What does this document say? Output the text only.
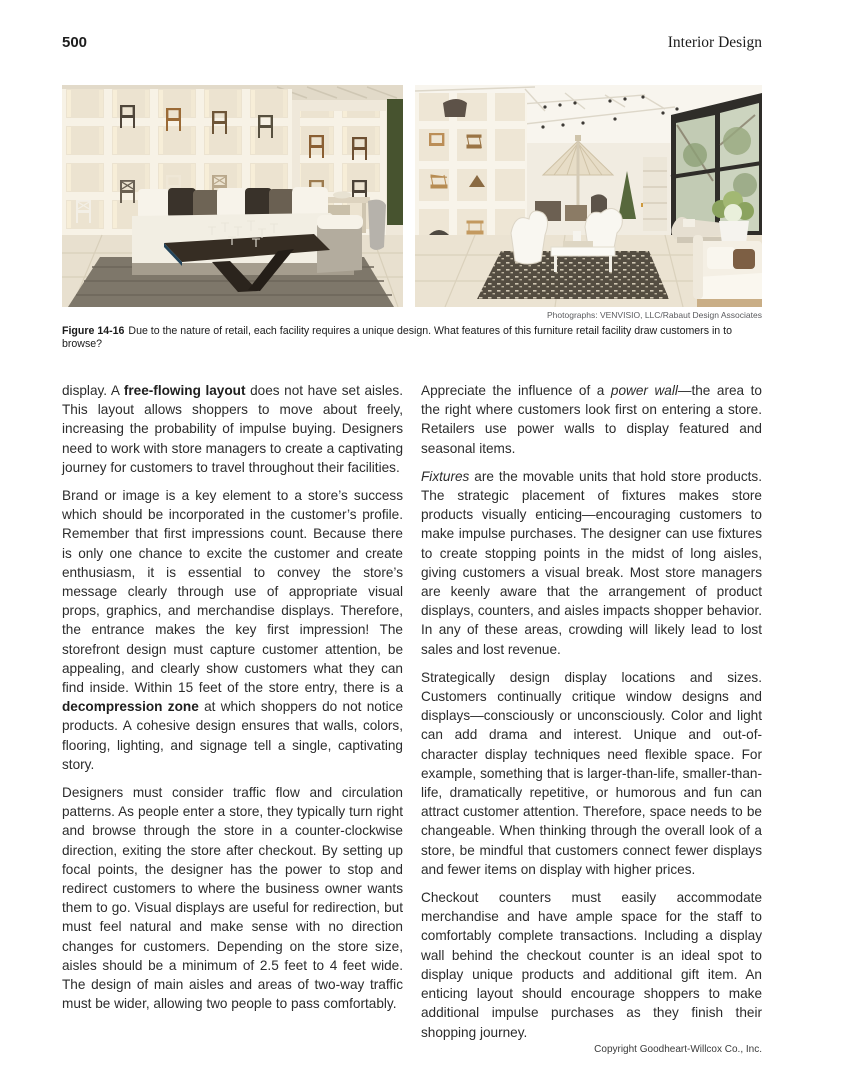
500	Interior Design
Photographs: VENVISIO, LLC/Rabaut Design Associates
Figure 14-16 Due to the nature of retail, each facility requires a unique design. What features of this furniture retail facility draw customers in to browse?

display. A free-flowing layout does not have set aisles. This layout allows shoppers to move about freely, increasing the probability of impulse buying. Designers need to work with store managers to create a captivating journey for customers to travel throughout their facilities.

Brand or image is a key element to a store’s success which should be incorporated in the customer’s profile. Remember that first impressions count. Because there is only one chance to excite the customer and create enthusiasm, it is essential to convey the store’s message clearly through use of appropriate visual props, graphics, and merchandise displays. Therefore, the entrance makes the key first impression! The storefront design must capture customer attention, be appealing, and clearly show customers what they can find inside. Within 15 feet of the store entry, there is a decompression zone at which shoppers do not notice products. A cohesive design ensures that walls, colors, flooring, lighting, and signage tell a single, captivating story.

Designers must consider traffic flow and circulation patterns. As people enter a store, they typically turn right and browse through the store in a counter-clockwise direction, exiting the store after checkout. By setting up focal points, the designer has the power to stop and redirect customers to where the business owner wants them to go. Visual displays are useful for redirection, but must feel natural and make sense with no direction changes for customers. Depending on the store size, aisles should be a minimum of 2.5 feet to 4 feet wide. The design of main aisles and areas of two-way traffic must be wider, allowing two people to pass comfortably.

Appreciate the influence of a power wall—the area to the right where customers look first on entering a store. Retailers use power walls to display featured and seasonal items.

Fixtures are the movable units that hold store products. The strategic placement of fixtures makes store products visually enticing—encouraging customers to make impulse purchases. The designer can use fixtures to create stopping points in the midst of long aisles, giving customers a visual break. Most store managers are keenly aware that the arrangement of product displays, counters, and aisles impacts shopper behavior. In any of these areas, crowding will likely lead to lost sales and lost revenue.

Strategically design display locations and sizes. Customers continually critique window designs and displays—consciously or unconsciously. Color and light can add drama and interest. Unique and out-of-character display techniques need flexible space. For example, something that is larger-than-life, smaller-than-life, dramatically repetitive, or humorous and fun can attract customer attention. Therefore, space needs to be changeable. When thinking through the overall look of a store, be mindful that customers connect fewer displays and fewer items on display with higher prices.

Checkout counters must easily accommodate merchandise and have ample space for the staff to comfortably complete transactions. Including a display wall behind the checkout counter is an ideal spot to display unique products and additional gift item. An enticing layout should encourage shoppers to make additional impulse purchases as they finish their shopping journey.

Copyright Goodheart-Willcox Co., Inc.
